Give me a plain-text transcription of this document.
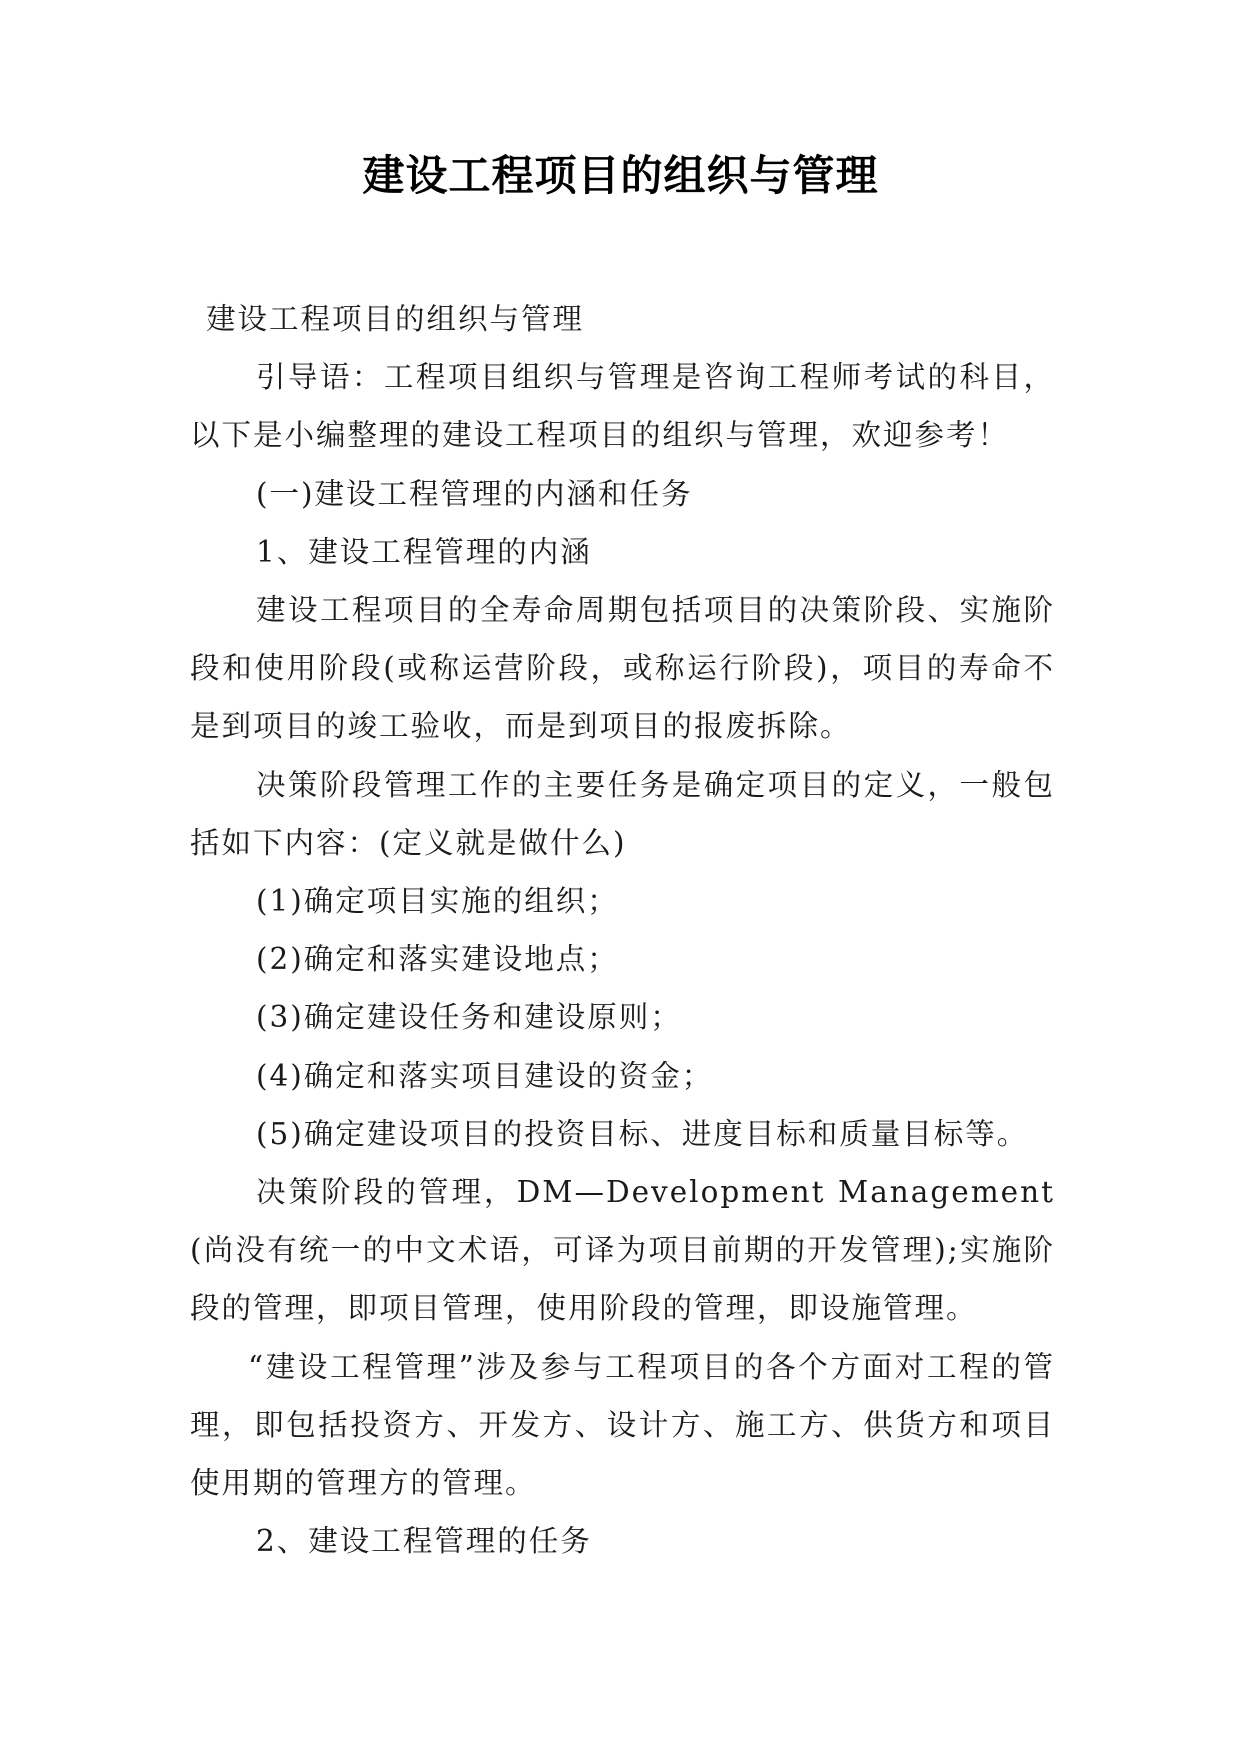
建设工程项目的组织与管理

建设工程项目的组织与管理

引导语：工程项目组织与管理是咨询工程师考试的科目，以下是小编整理的建设工程项目的组织与管理，欢迎参考！

(一)建设工程管理的内涵和任务

1、建设工程管理的内涵

建设工程项目的全寿命周期包括项目的决策阶段、实施阶段和使用阶段(或称运营阶段，或称运行阶段)，项目的寿命不是到项目的竣工验收，而是到项目的报废拆除。

决策阶段管理工作的主要任务是确定项目的定义，一般包括如下内容：(定义就是做什么)

(1)确定项目实施的组织；

(2)确定和落实建设地点；

(3)确定建设任务和建设原则；

(4)确定和落实项目建设的资金；

(5)确定建设项目的投资目标、进度目标和质量目标等。

决策阶段的管理，DM—Development Management (尚没有统一的中文术语，可译为项目前期的开发管理);实施阶段的管理，即项目管理，使用阶段的管理，即设施管理。

“建设工程管理”涉及参与工程项目的各个方面对工程的管理，即包括投资方、开发方、设计方、施工方、供货方和项目使用期的管理方的管理。

2、建设工程管理的任务
